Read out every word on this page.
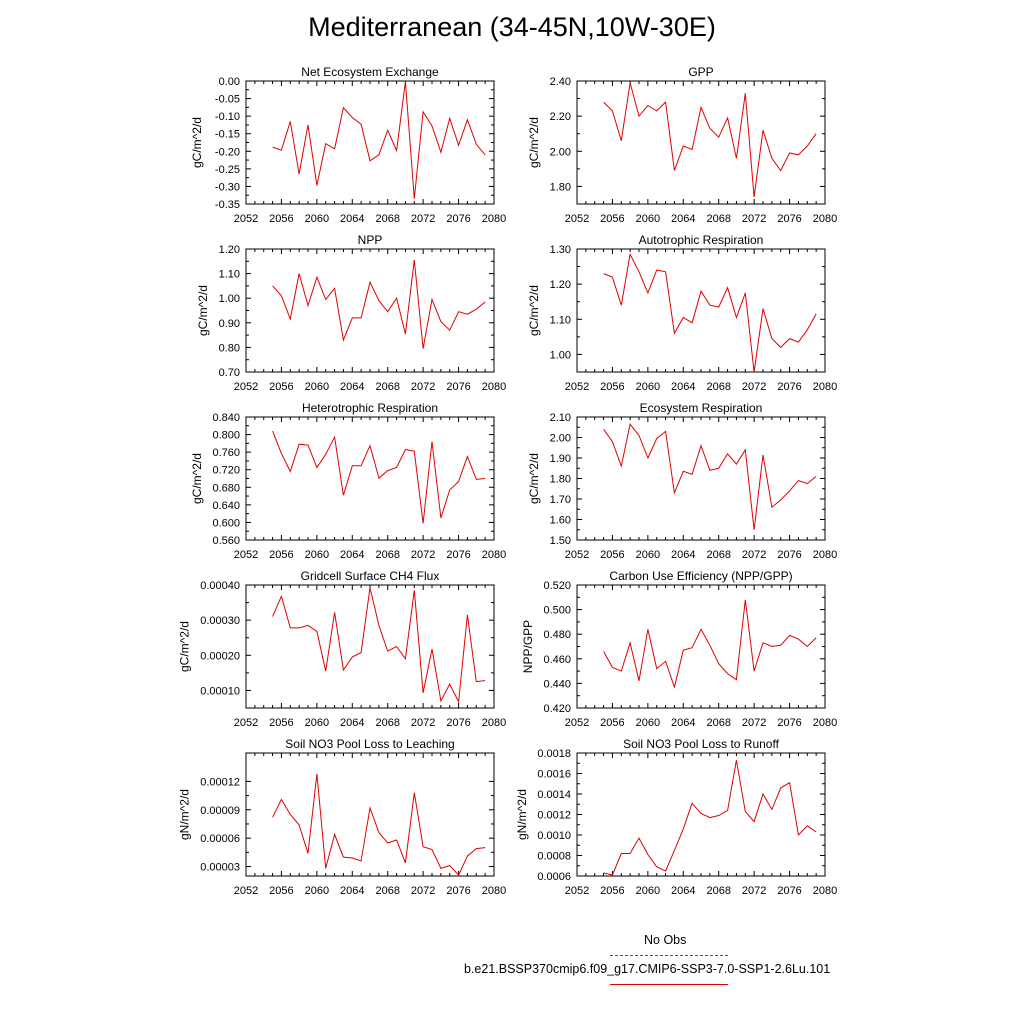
Mediterranean (34-45N,10W-30E)
Net Ecosystem Exchange
2052 2056 2060 2064 2068 2072 2076 2080
0.00
-0.05
-0.10
-0.15
-0.20
-0.25
-0.30
-0.35
gC/m^2/d
GPP
2052 2056 2060 2064 2068 2072 2076 2080
2.40
2.20
2.00
1.80
gC/m^2/d
NPP
2052 2056 2060 2064 2068 2072 2076 2080
1.20
1.10
1.00
0.90
0.80
0.70
gC/m^2/d
Autotrophic Respiration
2052 2056 2060 2064 2068 2072 2076 2080
1.30
1.20
1.10
1.00
gC/m^2/d
Heterotrophic Respiration
2052 2056 2060 2064 2068 2072 2076 2080
0.840
0.800
0.760
0.720
0.680
0.640
0.600
0.560
gC/m^2/d
Ecosystem Respiration
2052 2056 2060 2064 2068 2072 2076 2080
2.10
2.00
1.90
1.80
1.70
1.60
1.50
gC/m^2/d
Gridcell Surface CH4 Flux
2052 2056 2060 2064 2068 2072 2076 2080
0.00010
0.00020
0.00030
0.00040
gC/m^2/d
Carbon Use Efficiency (NPP/GPP)
2052 2056 2060 2064 2068 2072 2076 2080
0.520
0.500
0.480
0.460
0.440
0.420
NPP/GPP
Soil NO3 Pool Loss to Leaching
2052 2056 2060 2064 2068 2072 2076 2080
0.00003
0.00006
0.00009
0.00012
gN/m^2/d
Soil NO3 Pool Loss to Runoff
2052 2056 2060 2064 2068 2072 2076 2080
0.0018
0.0016
0.0014
0.0012
0.0010
0.0008
0.0006
gN/m^2/d
No Obs
b.e21.BSSP370cmip6.f09_g17.CMIP6-SSP3-7.0-SSP1-2.6Lu.101
